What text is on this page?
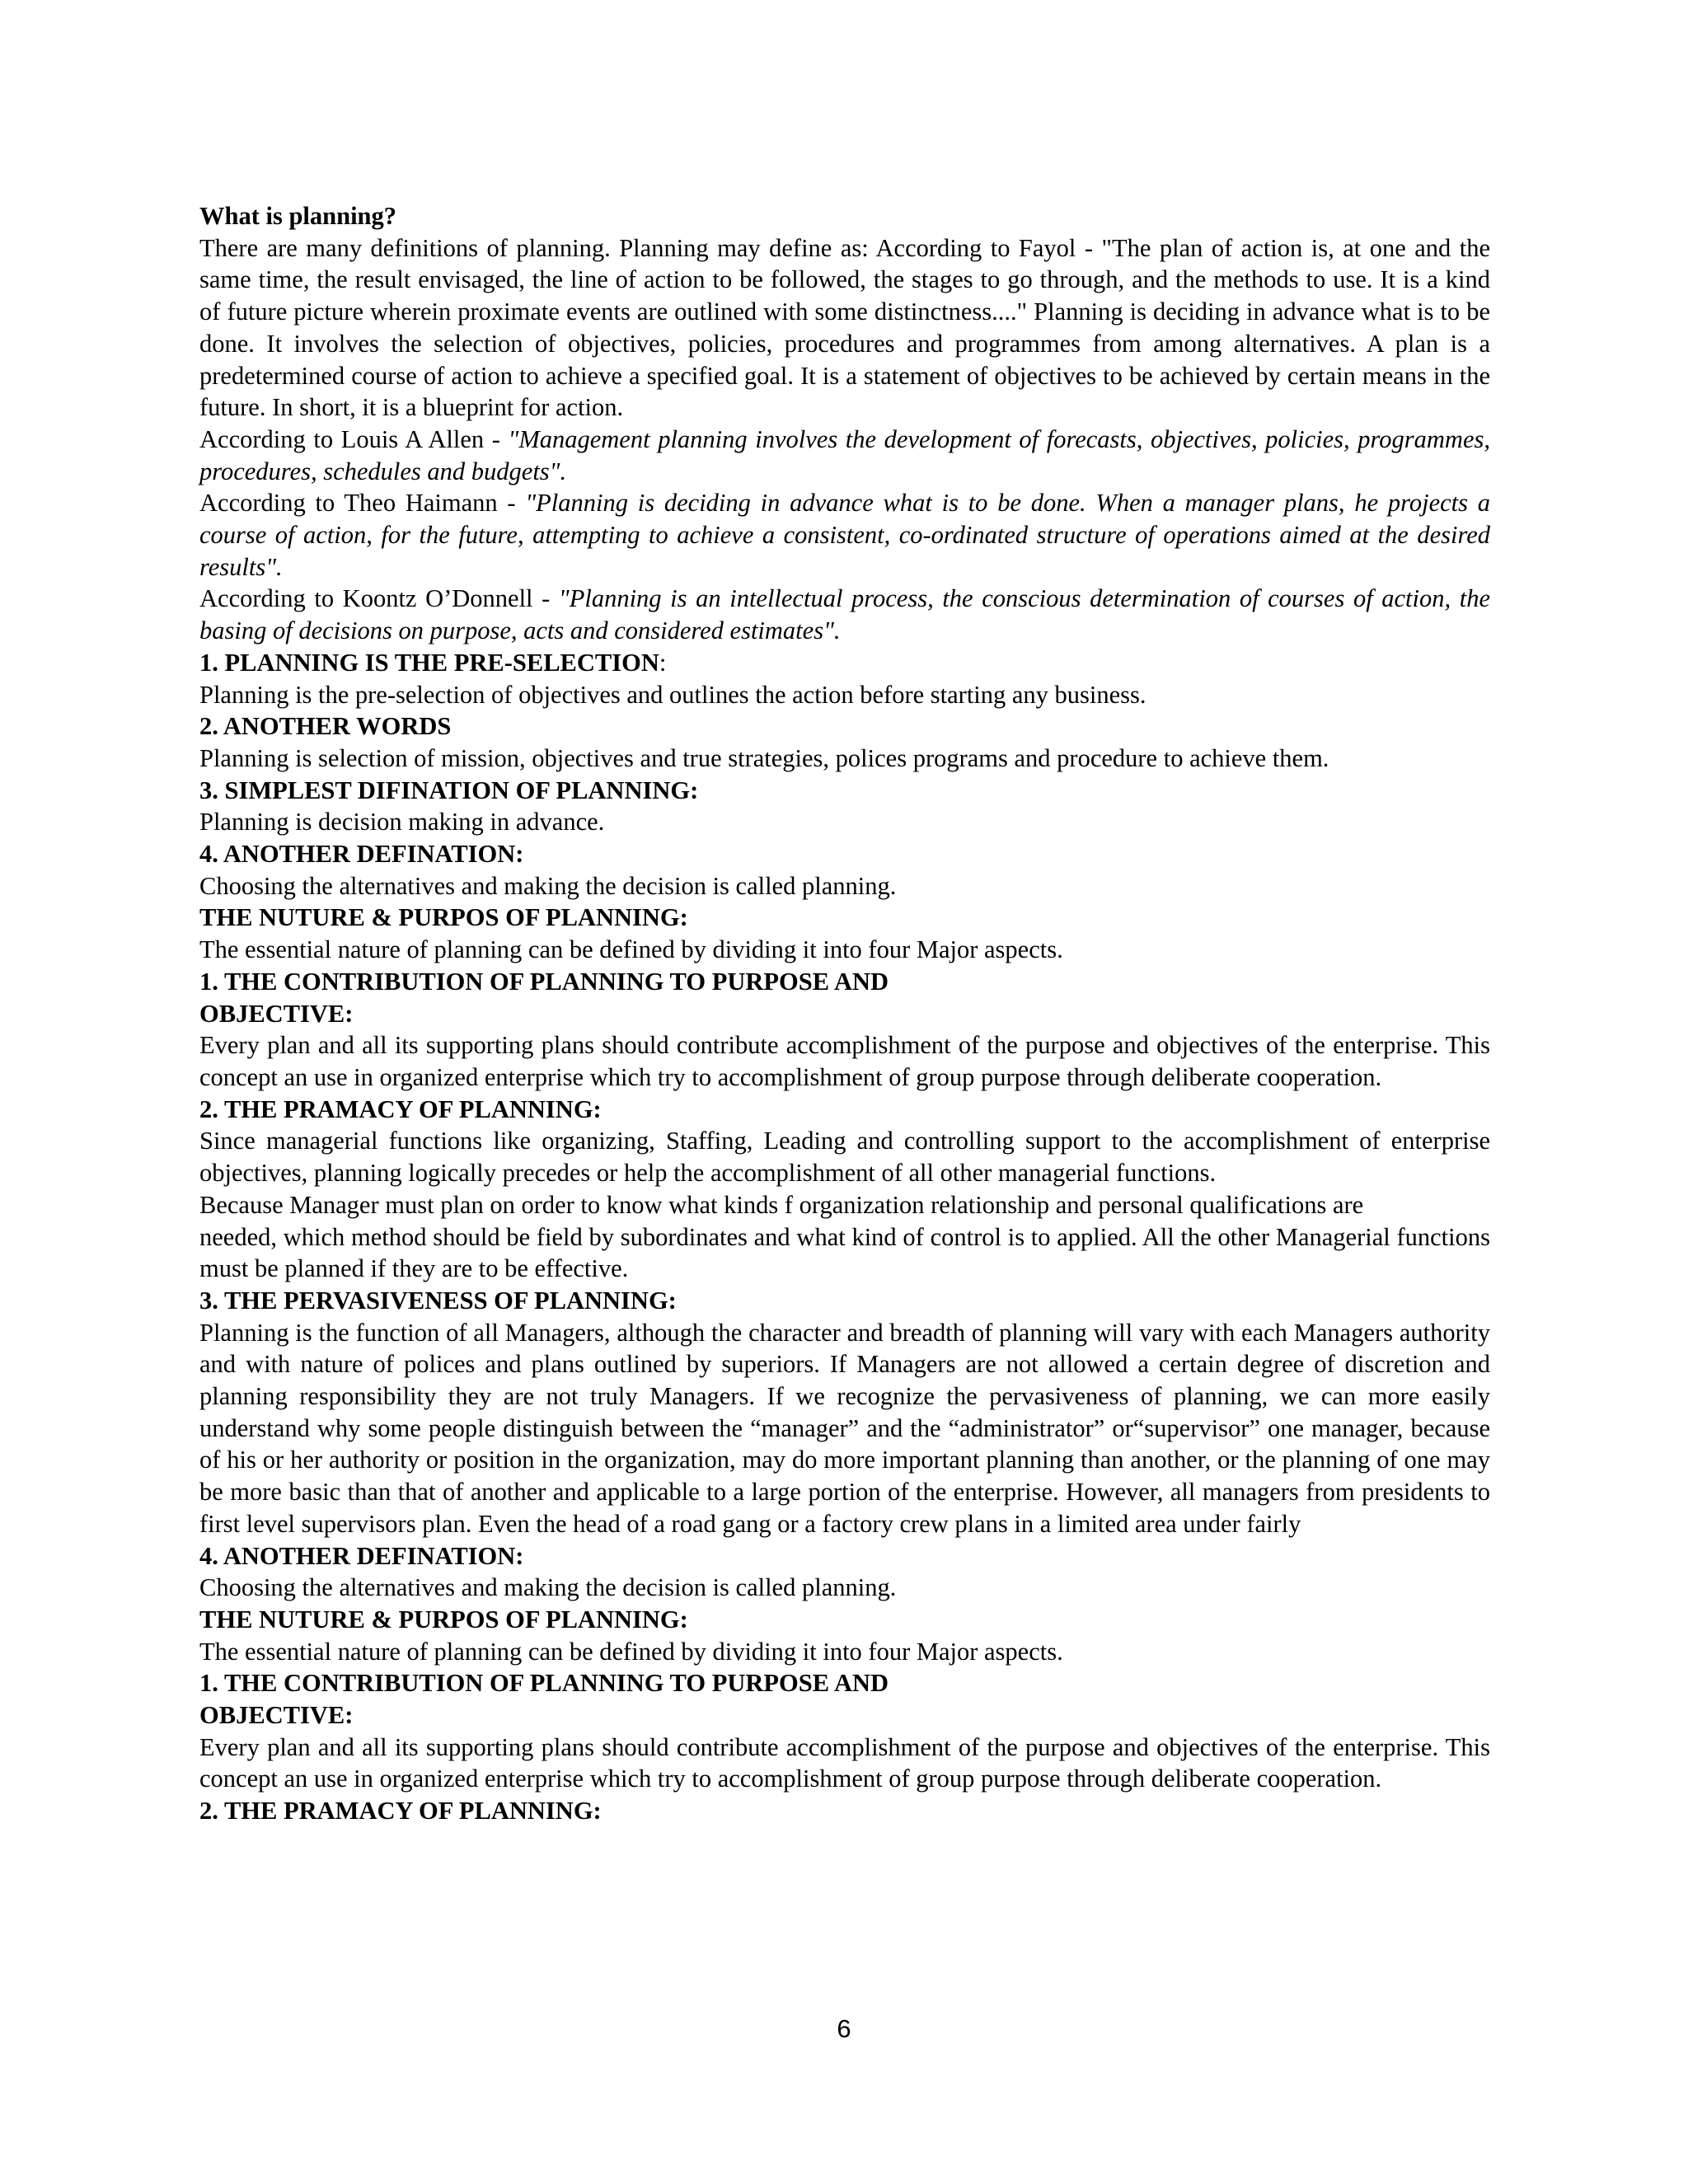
What is planning?

There are many definitions of planning. Planning may define as: According to Fayol - "The plan of action is, at one and the same time, the result envisaged, the line of action to be followed, the stages to go through, and the methods to use. It is a kind of future picture wherein proximate events are outlined with some distinctness...." Planning is deciding in advance what is to be done. It involves the selection of objectives, policies, procedures and programmes from among alternatives. A plan is a predetermined course of action to achieve a specified goal. It is a statement of objectives to be achieved by certain means in the future. In short, it is a blueprint for action.

According to Louis A Allen - "Management planning involves the development of forecasts, objectives, policies, programmes, procedures, schedules and budgets".

According to Theo Haimann - "Planning is deciding in advance what is to be done. When a manager plans, he projects a course of action, for the future, attempting to achieve a consistent, co-ordinated structure of operations aimed at the desired results".

According to Koontz O’Donnell - "Planning is an intellectual process, the conscious determination of courses of action, the basing of decisions on purpose, acts and considered estimates".

1. PLANNING IS THE PRE-SELECTION:

Planning is the pre-selection of objectives and outlines the action before starting any business.

2. ANOTHER WORDS

Planning is selection of mission, objectives and true strategies, polices programs and procedure to achieve them.

3. SIMPLEST DIFINATION OF PLANNING:

Planning is decision making in advance.

4. ANOTHER DEFINATION:

Choosing the alternatives and making the decision is called planning.

THE NUTURE & PURPOS OF PLANNING:

The essential nature of planning can be defined by dividing it into four Major aspects.

1. THE CONTRIBUTION OF PLANNING TO PURPOSE AND

OBJECTIVE:

Every plan and all its supporting plans should contribute accomplishment of the purpose and objectives of the enterprise. This concept an use in organized enterprise which try to accomplishment of group purpose through deliberate cooperation.

2. THE PRAMACY OF PLANNING:

Since managerial functions like organizing, Staffing, Leading and controlling support to the accomplishment of enterprise objectives, planning logically precedes or help the accomplishment of all other managerial functions.

Because Manager must plan on order to know what kinds f organization relationship and personal qualifications are

needed, which method should be field by subordinates and what kind of control is to applied. All the other Managerial functions must be planned if they are to be effective.

3. THE PERVASIVENESS OF PLANNING:

Planning is the function of all Managers, although the character and breadth of planning will vary with each Managers authority and with nature of polices and plans outlined by superiors. If Managers are not allowed a certain degree of discretion and planning responsibility they are not truly Managers. If we recognize the pervasiveness of planning, we can more easily understand why some people distinguish between the “manager” and the “administrator” or“supervisor” one manager, because of his or her authority or position in the organization, may do more important planning than another, or the planning of one may be more basic than that of another and applicable to a large portion of the enterprise. However, all managers from presidents to first level supervisors plan. Even the head of a road gang or a factory crew plans in a limited area under fairly

4. ANOTHER DEFINATION:

Choosing the alternatives and making the decision is called planning.

THE NUTURE & PURPOS OF PLANNING:

The essential nature of planning can be defined by dividing it into four Major aspects.

1. THE CONTRIBUTION OF PLANNING TO PURPOSE AND

OBJECTIVE:

Every plan and all its supporting plans should contribute accomplishment of the purpose and objectives of the enterprise. This concept an use in organized enterprise which try to accomplishment of group purpose through deliberate cooperation.

2. THE PRAMACY OF PLANNING:

6
